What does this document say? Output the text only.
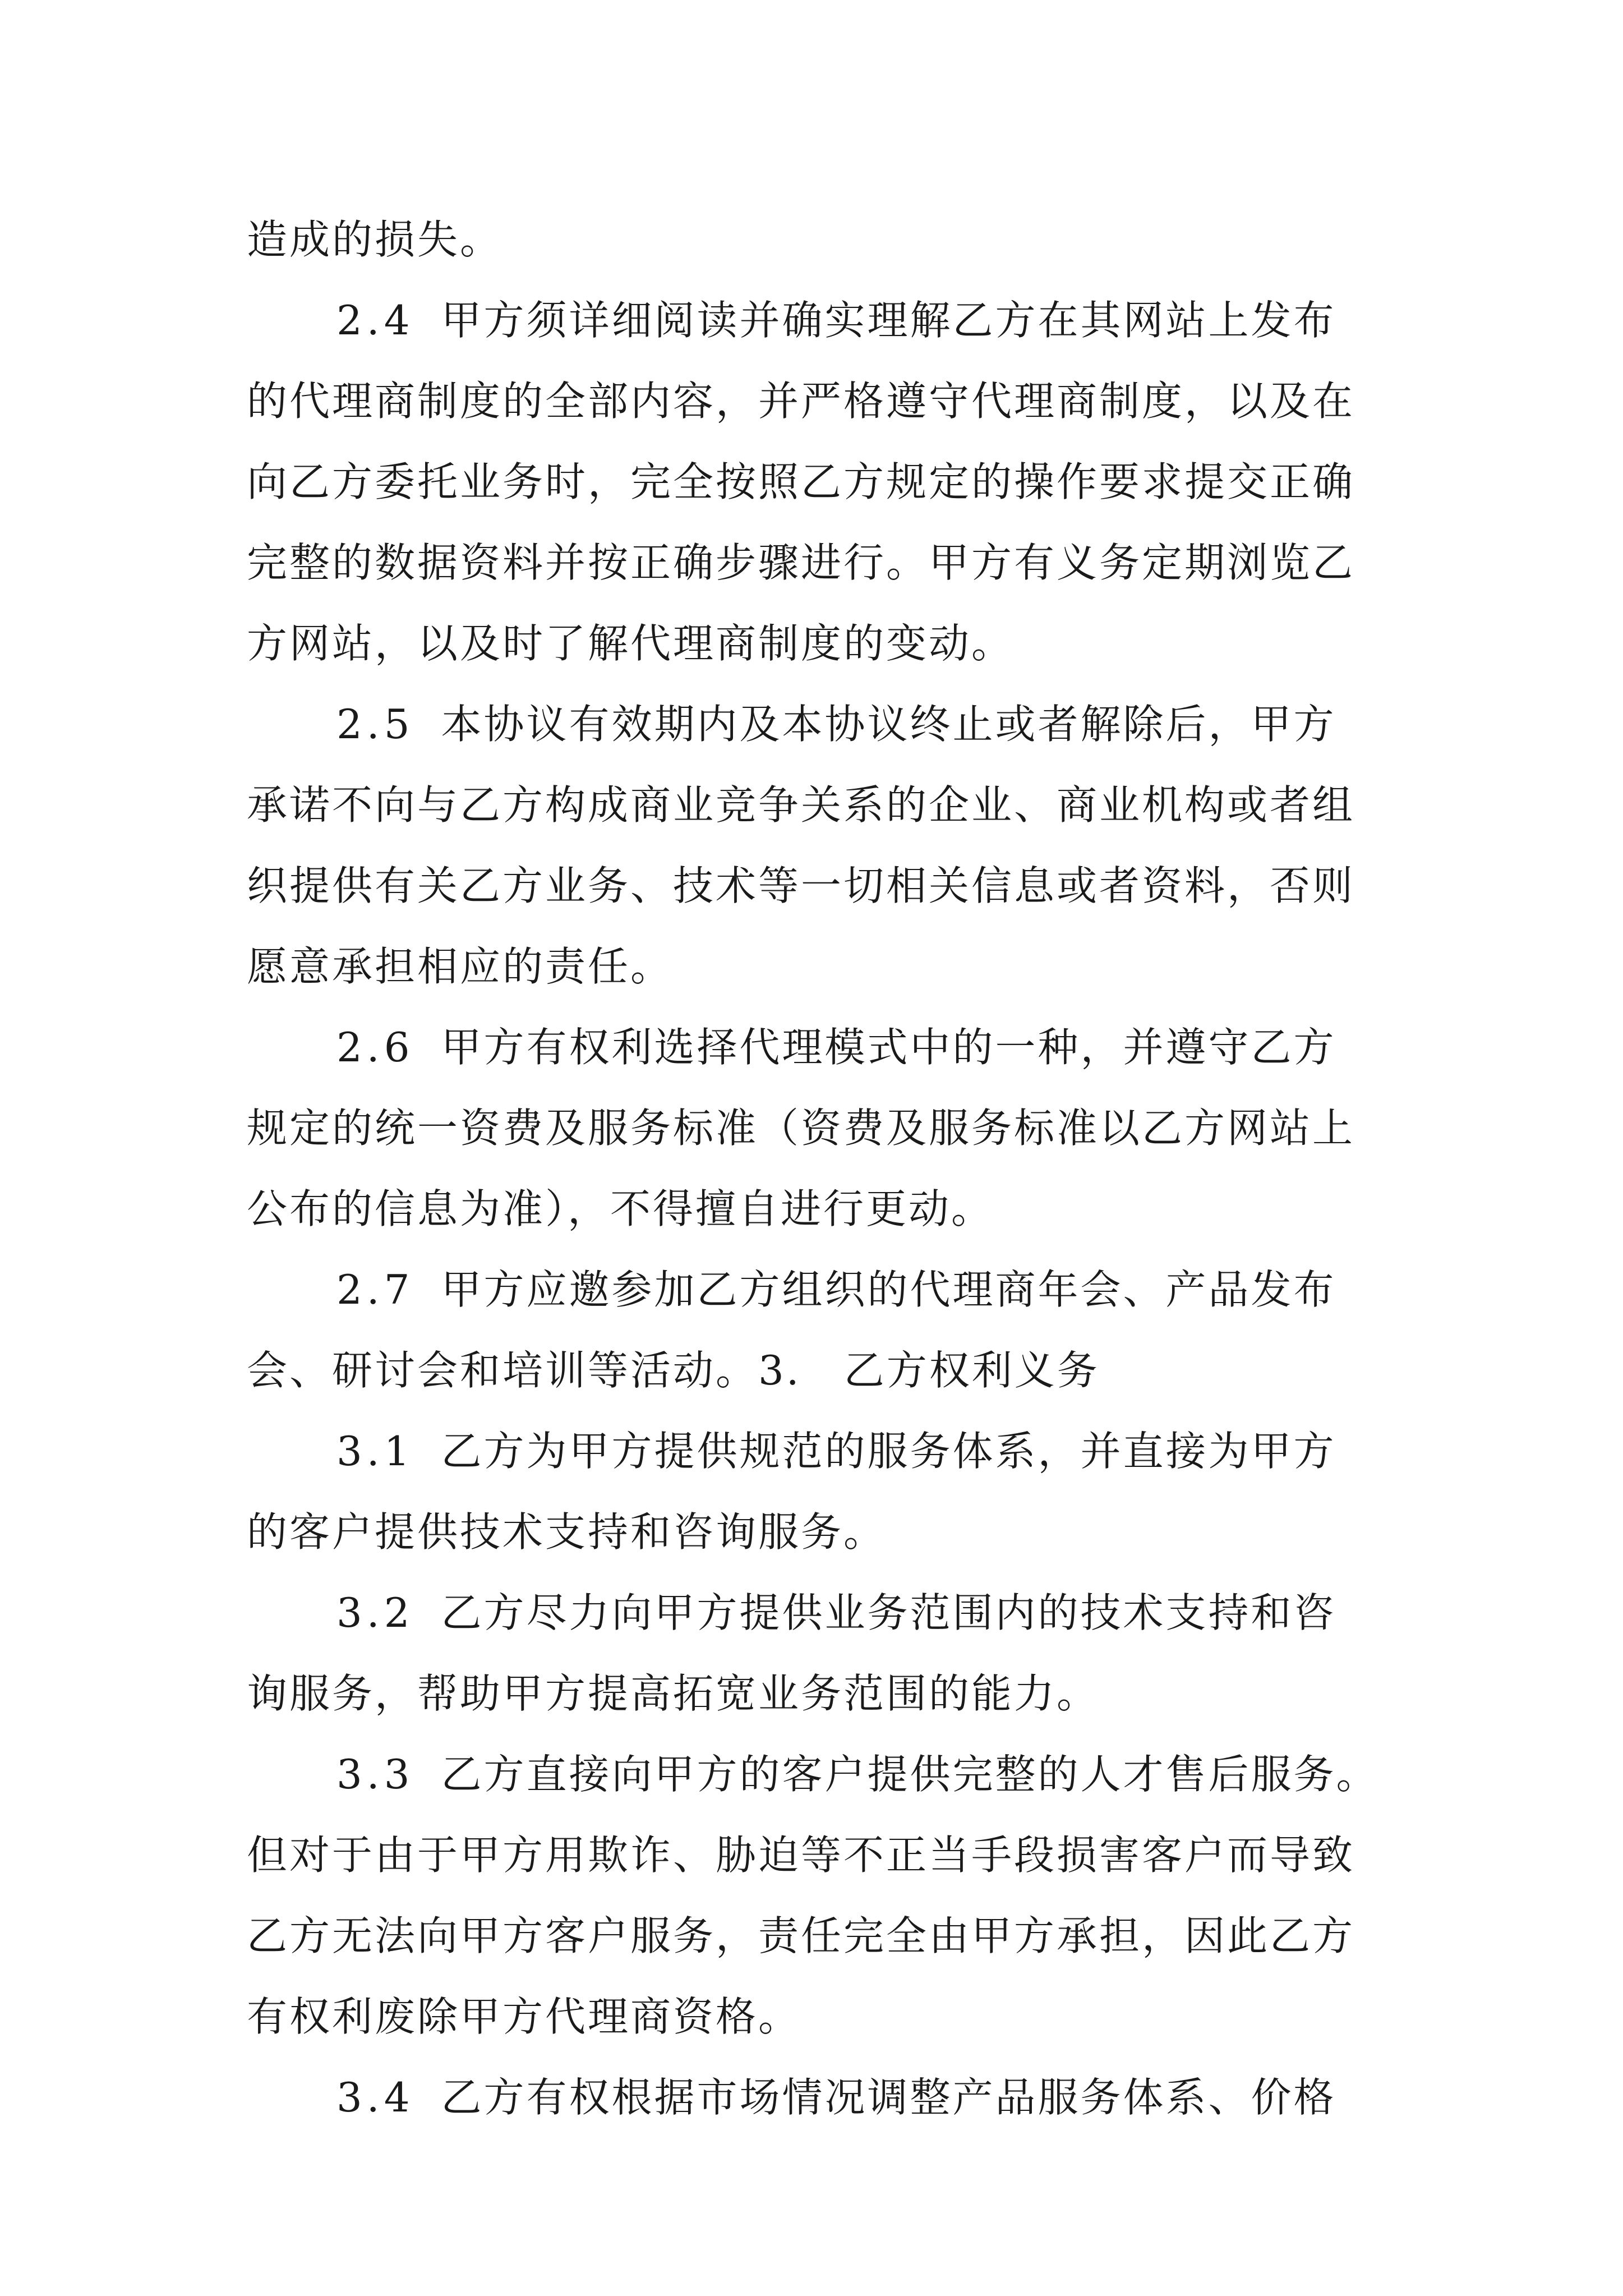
造成的损失。
2.4 甲方须详细阅读并确实理解乙方在其网站上发布
的代理商制度的全部内容，并严格遵守代理商制度，以及在
向乙方委托业务时，完全按照乙方规定的操作要求提交正确
完整的数据资料并按正确步骤进行。甲方有义务定期浏览乙
方网站，以及时了解代理商制度的变动。
2.5 本协议有效期内及本协议终止或者解除后，甲方
承诺不向与乙方构成商业竞争关系的企业、商业机构或者组
织提供有关乙方业务、技术等一切相关信息或者资料，否则
愿意承担相应的责任。
2.6 甲方有权利选择代理模式中的一种，并遵守乙方
规定的统一资费及服务标准（资费及服务标准以乙方网站上
公布的信息为准），不得擅自进行更动。
2.7 甲方应邀参加乙方组织的代理商年会、产品发布
会、研讨会和培训等活动。3.　乙方权利义务
3.1 乙方为甲方提供规范的服务体系，并直接为甲方
的客户提供技术支持和咨询服务。
3.2 乙方尽力向甲方提供业务范围内的技术支持和咨
询服务，帮助甲方提高拓宽业务范围的能力。
3.3 乙方直接向甲方的客户提供完整的人才售后服务。
但对于由于甲方用欺诈、胁迫等不正当手段损害客户而导致
乙方无法向甲方客户服务，责任完全由甲方承担，因此乙方
有权利废除甲方代理商资格。
3.4 乙方有权根据市场情况调整产品服务体系、价格
